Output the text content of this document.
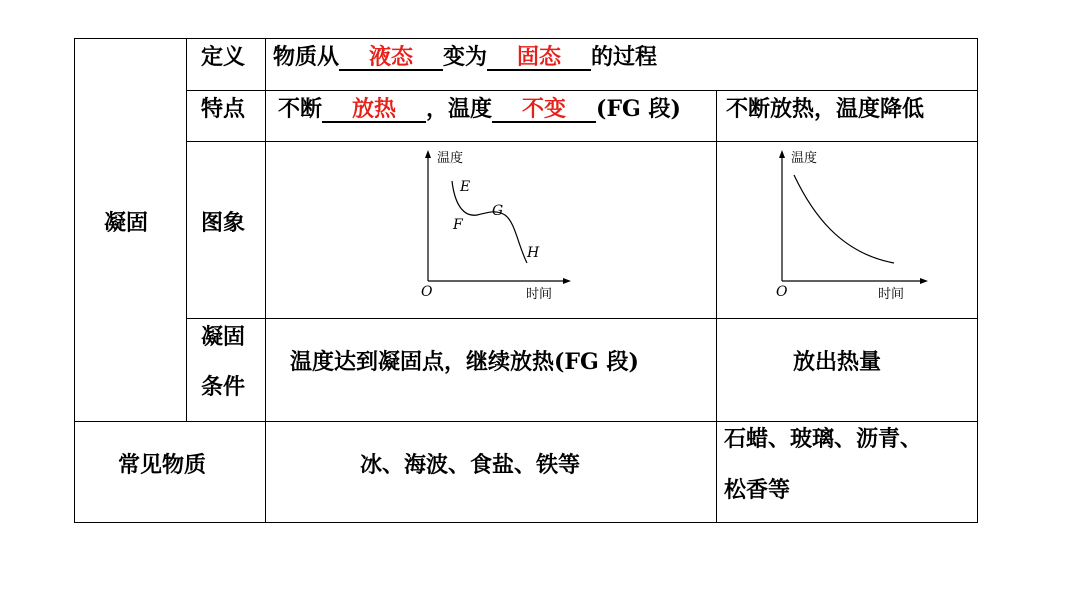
凝固
定义 物质从 液态 变为 固态 的过程
特点 不断 放热 ，温度 不变 (FG 段) 不断放热，温度降低
图象
温度
时间
O
E
F
G
H
温度
时间
O
凝固
条件
温度达到凝固点，继续放热(FG 段)	放出热量
常见物质	冰、海波、食盐、铁等
石蜡、玻璃、沥青、
松香等
